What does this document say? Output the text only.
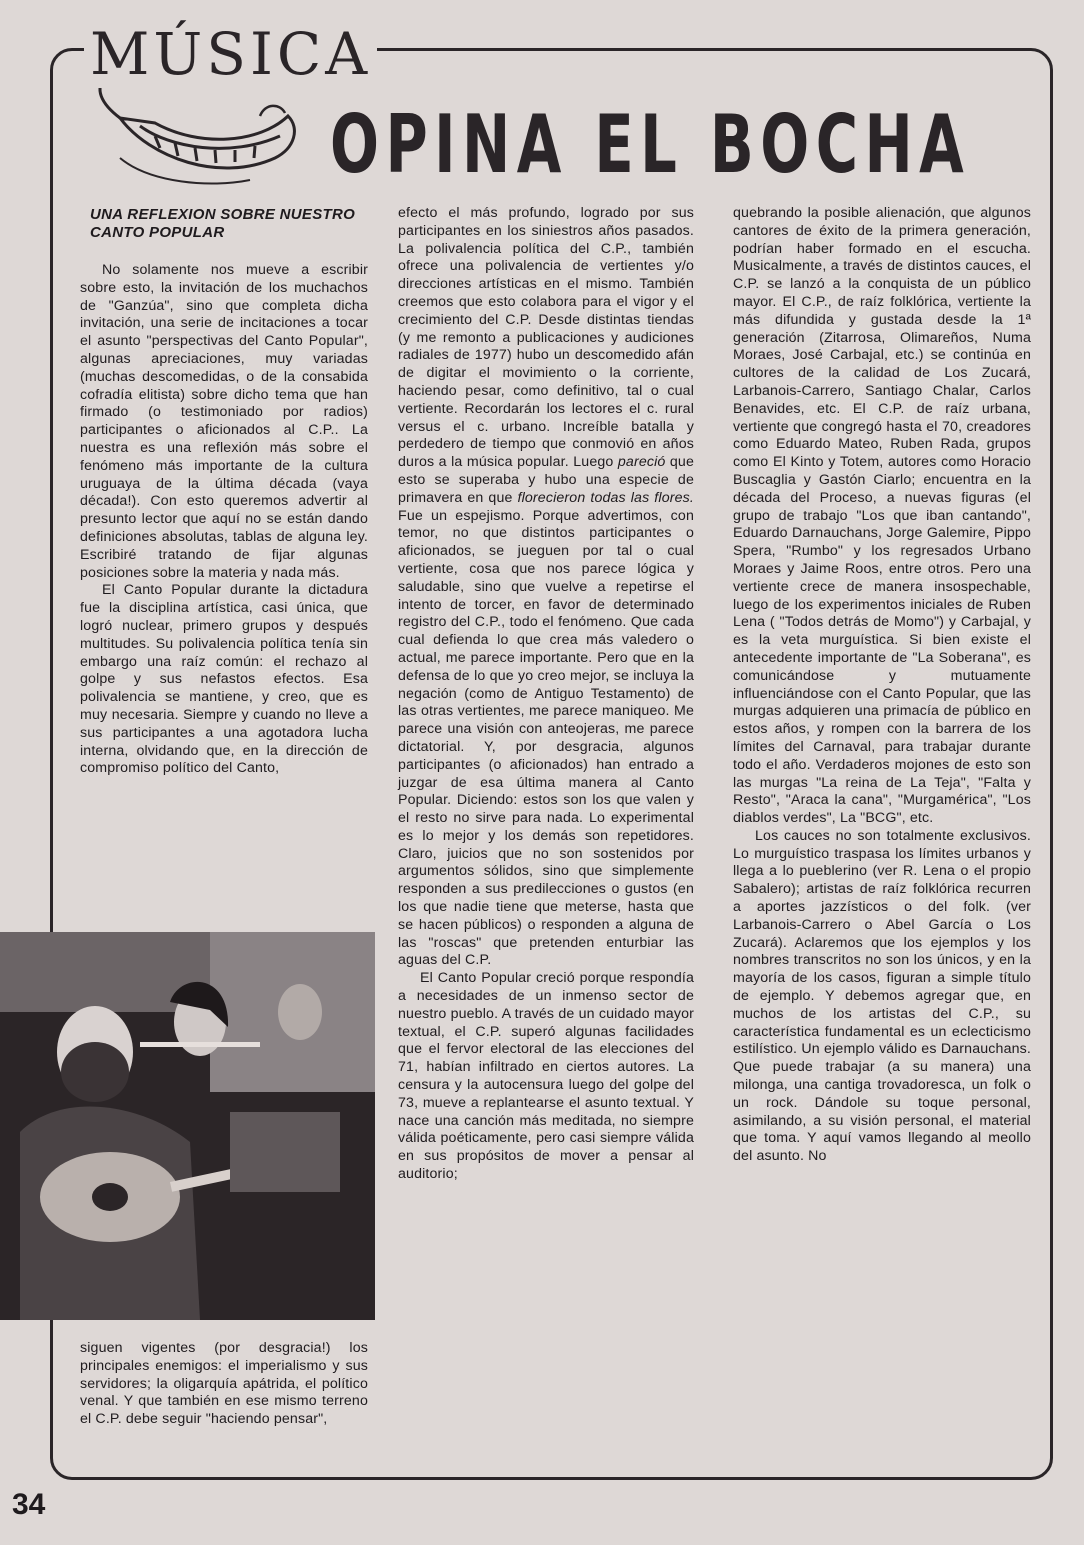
MÚSICA
OPINA EL BOCHA
UNA REFLEXION SOBRE NUESTRO
CANTO POPULAR

No solamente nos mueve a escribir sobre esto, la invitación de los muchachos de "Ganzúa", sino que completa dicha invitación, una serie de incitaciones a tocar el asunto "perspectivas del Canto Popular", algunas apreciaciones, muy variadas (muchas descomedidas, o de la consabida cofradía elitista) sobre dicho tema que han firmado (o testimoniado por radios) participantes o aficionados al C.P.. La nuestra es una reflexión más sobre el fenómeno más importante de la cultura uruguaya de la última década (vaya década!). Con esto queremos advertir al presunto lector que aquí no se están dando definiciones absolutas, tablas de alguna ley. Escribiré tratando de fijar algunas posiciones sobre la materia y nada más.

El Canto Popular durante la dictadura fue la disciplina artística, casi única, que logró nuclear, primero grupos y después multitudes. Su polivalencia política tenía sin embargo una raíz común: el rechazo al golpe y sus nefastos efectos. Esa polivalencia se mantiene, y creo, que es muy necesaria. Siempre y cuando no lleve a sus participantes a una agotadora lucha interna, olvidando que, en la dirección de compromiso político del Canto,

siguen vigentes (por desgracia!) los principales enemigos: el imperialismo y sus servidores; la oligarquía apátrida, el político venal. Y que también en ese mismo terreno el C.P. debe seguir "haciendo pensar",

efecto el más profundo, logrado por sus participantes en los siniestros años pasados. La polivalencia política del C.P., también ofrece una polivalencia de vertientes y/o direcciones artísticas en el mismo. También creemos que esto colabora para el vigor y el crecimiento del C.P. Desde distintas tiendas (y me remonto a publicaciones y audiciones radiales de 1977) hubo un descomedido afán de digitar el movimiento o la corriente, haciendo pesar, como definitivo, tal o cual vertiente. Recordarán los lectores el c. rural versus el c. urbano. Increíble batalla y perdedero de tiempo que conmovió en años duros a la música popular. Luego pareció que esto se superaba y hubo una especie de primavera en que florecieron todas las flores. Fue un espejismo. Porque advertimos, con temor, no que distintos participantes o aficionados, se jueguen por tal o cual vertiente, cosa que nos parece lógica y saludable, sino que vuelve a repetirse el intento de torcer, en favor de determinado registro del C.P., todo el fenómeno. Que cada cual defienda lo que crea más valedero o actual, me parece importante. Pero que en la defensa de lo que yo creo mejor, se incluya la negación (como de Antiguo Testamento) de las otras vertientes, me parece maniqueo. Me parece una visión con anteojeras, me parece dictatorial. Y, por desgracia, algunos participantes (o aficionados) han entrado a juzgar de esa última manera al Canto Popular. Diciendo: estos son los que valen y el resto no sirve para nada. Lo experimental es lo mejor y los demás son repetidores. Claro, juicios que no son sostenidos por argumentos sólidos, sino que simplemente responden a sus predilecciones o gustos (en los que nadie tiene que meterse, hasta que se hacen públicos) o responden a alguna de las "roscas" que pretenden enturbiar las aguas del C.P.

El Canto Popular creció porque respondía a necesidades de un inmenso sector de nuestro pueblo. A través de un cuidado mayor textual, el C.P. superó algunas facilidades que el fervor electoral de las elecciones del 71, habían infiltrado en ciertos autores. La censura y la autocensura luego del golpe del 73, mueve a replantearse el asunto textual. Y nace una canción más meditada, no siempre válida poéticamente, pero casi siempre válida en sus propósitos de mover a pensar al auditorio;

quebrando la posible alienación, que algunos cantores de éxito de la primera generación, podrían haber formado en el escucha. Musicalmente, a través de distintos cauces, el C.P. se lanzó a la conquista de un público mayor. El C.P., de raíz folklórica, vertiente la más difundida y gustada desde la 1ª generación (Zitarrosa, Olimareños, Numa Moraes, José Carbajal, etc.) se continúa en cultores de la calidad de Los Zucará, Larbanois-Carrero, Santiago Chalar, Carlos Benavides, etc. El C.P. de raíz urbana, vertiente que congregó hasta el 70, creadores como Eduardo Mateo, Ruben Rada, grupos como El Kinto y Totem, autores como Horacio Buscaglia y Gastón Ciarlo; encuentra en la década del Proceso, a nuevas figuras (el grupo de trabajo "Los que iban cantando", Eduardo Darnauchans, Jorge Galemire, Pippo Spera, "Rumbo" y los regresados Urbano Moraes y Jaime Roos, entre otros. Pero una vertiente crece de manera insospechable, luego de los experimentos iniciales de Ruben Lena ( "Todos detrás de Momo") y Carbajal, y es la veta murguística. Si bien existe el antecedente importante de "La Soberana", es comunicándose y mutuamente influenciándose con el Canto Popular, que las murgas adquieren una primacía de público en estos años, y rompen con la barrera de los límites del Carnaval, para trabajar durante todo el año. Verdaderos mojones de esto son las murgas "La reina de La Teja", "Falta y Resto", "Araca la cana", "Murgamérica", "Los diablos verdes", La "BCG", etc.

Los cauces no son totalmente exclusivos. Lo murguístico traspasa los límites urbanos y llega a lo pueblerino (ver R. Lena o el propio Sabalero); artistas de raíz folklórica recurren a aportes jazzísticos o del folk. (ver Larbanois-Carrero o Abel García o Los Zucará). Aclaremos que los ejemplos y los nombres transcritos no son los únicos, y en la mayoría de los casos, figuran a simple título de ejemplo. Y debemos agregar que, en muchos de los artistas del C.P., su característica fundamental es un eclecticismo estilístico. Un ejemplo válido es Darnauchans. Que puede trabajar (a su manera) una milonga, una cantiga trovadoresca, un folk o un rock. Dándole su toque personal, asimilando, a su visión personal, el material que toma. Y aquí vamos llegando al meollo del asunto. No

34
